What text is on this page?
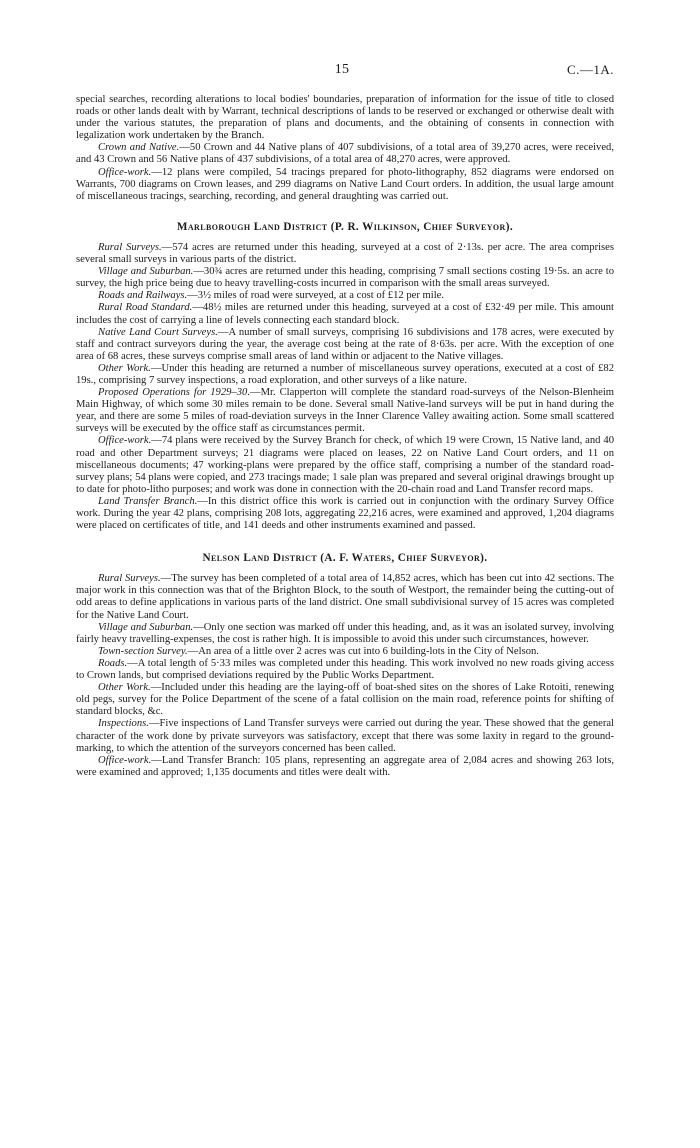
15	C.—1A.

special searches, recording alterations to local bodies' boundaries, preparation of information for the issue of title to closed roads or other lands dealt with by Warrant, technical descriptions of lands to be reserved or exchanged or otherwise dealt with under the various statutes, the preparation of plans and documents, and the obtaining of consents in connection with legalization work undertaken by the Branch.

Crown and Native.—50 Crown and 44 Native plans of 407 subdivisions, of a total area of 39,270 acres, were received, and 43 Crown and 56 Native plans of 437 subdivisions, of a total area of 48,270 acres, were approved.

Office-work.—12 plans were compiled, 54 tracings prepared for photo-lithography, 852 diagrams were endorsed on Warrants, 700 diagrams on Crown leases, and 299 diagrams on Native Land Court orders. In addition, the usual large amount of miscellaneous tracings, searching, recording, and general draughting was carried out.

Marlborough Land District (P. R. Wilkinson, Chief Surveyor).

Rural Surveys.—574 acres are returned under this heading, surveyed at a cost of 2·13s. per acre. The area comprises several small surveys in various parts of the district.

Village and Suburban.—30¾ acres are returned under this heading, comprising 7 small sections costing 19·5s. an acre to survey, the high price being due to heavy travelling-costs incurred in comparison with the small areas surveyed.

Roads and Railways.—3½ miles of road were surveyed, at a cost of £12 per mile.

Rural Road Standard.—48½ miles are returned under this heading, surveyed at a cost of £32·49 per mile. This amount includes the cost of carrying a line of levels connecting each standard block.

Native Land Court Surveys.—A number of small surveys, comprising 16 subdivisions and 178 acres, were executed by staff and contract surveyors during the year, the average cost being at the rate of 8·63s. per acre. With the exception of one area of 68 acres, these surveys comprise small areas of land within or adjacent to the Native villages.

Other Work.—Under this heading are returned a number of miscellaneous survey operations, executed at a cost of £82 19s., comprising 7 survey inspections, a road exploration, and other surveys of a like nature.

Proposed Operations for 1929–30.—Mr. Clapperton will complete the standard road-surveys of the Nelson-Blenheim Main Highway, of which some 30 miles remain to be done. Several small Native-land surveys will be put in hand during the year, and there are some 5 miles of road-deviation surveys in the Inner Clarence Valley awaiting action. Some small scattered surveys will be executed by the office staff as circumstances permit.

Office-work.—74 plans were received by the Survey Branch for check, of which 19 were Crown, 15 Native land, and 40 road and other Department surveys; 21 diagrams were placed on leases, 22 on Native Land Court orders, and 11 on miscellaneous documents; 47 working-plans were prepared by the office staff, comprising a number of the standard road-survey plans; 54 plans were copied, and 273 tracings made; 1 sale plan was prepared and several original drawings brought up to date for photo-litho purposes; and work was done in connection with the 20-chain road and Land Transfer record maps.

Land Transfer Branch.—In this district office this work is carried out in conjunction with the ordinary Survey Office work. During the year 42 plans, comprising 208 lots, aggregating 22,216 acres, were examined and approved, 1,204 diagrams were placed on certificates of title, and 141 deeds and other instruments examined and passed.

Nelson Land District (A. F. Waters, Chief Surveyor).

Rural Surveys.—The survey has been completed of a total area of 14,852 acres, which has been cut into 42 sections. The major work in this connection was that of the Brighton Block, to the south of Westport, the remainder being the cutting-out of odd areas to define applications in various parts of the land district. One small subdivisional survey of 15 acres was completed for the Native Land Court.

Village and Suburban.—Only one section was marked off under this heading, and, as it was an isolated survey, involving fairly heavy travelling-expenses, the cost is rather high. It is impossible to avoid this under such circumstances, however.

Town-section Survey.—An area of a little over 2 acres was cut into 6 building-lots in the City of Nelson.

Roads.—A total length of 5·33 miles was completed under this heading. This work involved no new roads giving access to Crown lands, but comprised deviations required by the Public Works Department.

Other Work.—Included under this heading are the laying-off of boat-shed sites on the shores of Lake Rotoiti, renewing old pegs, survey for the Police Department of the scene of a fatal collision on the main road, reference points for shifting of standard blocks, &c.

Inspections.—Five inspections of Land Transfer surveys were carried out during the year. These showed that the general character of the work done by private surveyors was satisfactory, except that there was some laxity in regard to the ground-marking, to which the attention of the surveyors concerned has been called.

Office-work.—Land Transfer Branch: 105 plans, representing an aggregate area of 2,084 acres and showing 263 lots, were examined and approved; 1,135 documents and titles were dealt with.
